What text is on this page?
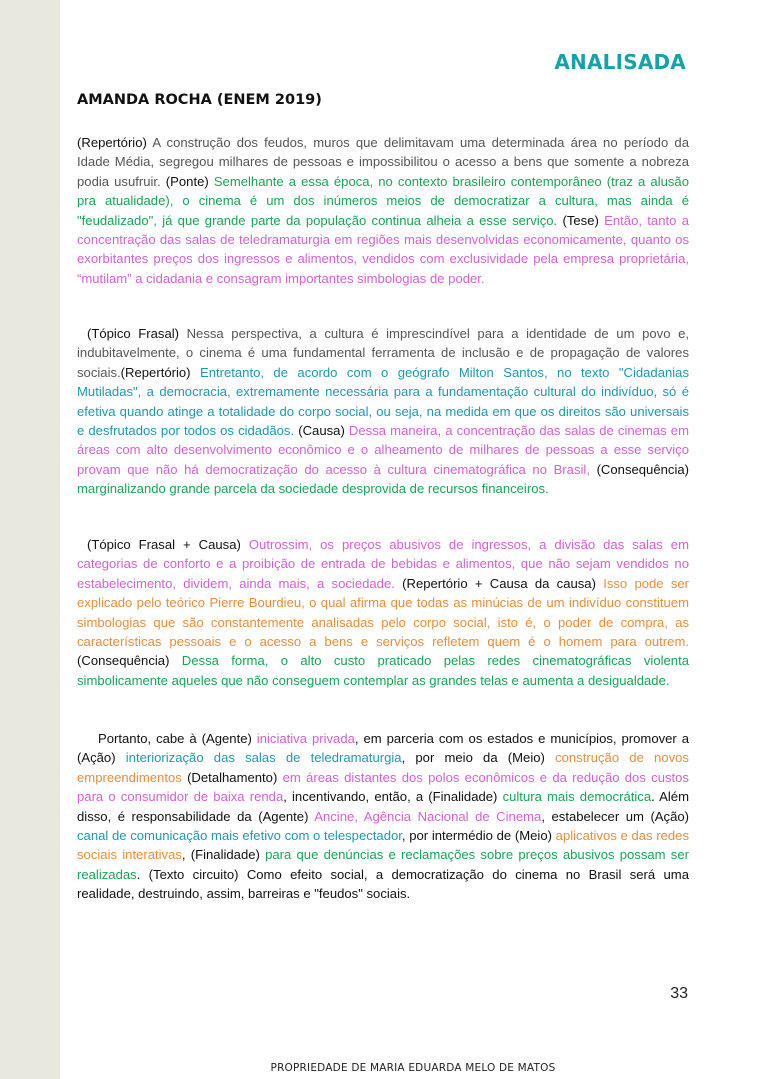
ANALISADA
AMANDA ROCHA (ENEM 2019)
(Repertório) A construção dos feudos, muros que delimitavam uma determinada área no período da Idade Média, segregou milhares de pessoas e impossibilitou o acesso a bens que somente a nobreza podia usufruir. (Ponte) Semelhante a essa época, no contexto brasileiro contemporâneo (traz a alusão pra atualidade), o cinema é um dos inúmeros meios de democratizar a cultura, mas ainda é "feudalizado", já que grande parte da população continua alheia a esse serviço. (Tese) Então, tanto a concentração das salas de teledramaturgia em regiões mais desenvolvidas economicamente, quanto os exorbitantes preços dos ingressos e alimentos, vendidos com exclusividade pela empresa proprietária, “mutilam” a cidadania e consagram importantes simbologias de poder.
(Tópico Frasal) Nessa perspectiva, a cultura é imprescindível para a identidade de um povo e, indubitavelmente, o cinema é uma fundamental ferramenta de inclusão e de propagação de valores sociais.(Repertório) Entretanto, de acordo com o geógrafo Milton Santos, no texto "Cidadanias Mutiladas", a democracia, extremamente necessária para a fundamentação cultural do indivíduo, só é efetiva quando atinge a totalidade do corpo social, ou seja, na medida em que os direitos são universais e desfrutados por todos os cidadãos. (Causa) Dessa maneira, a concentração das salas de cinemas em áreas com alto desenvolvimento econômico e o alheamento de milhares de pessoas a esse serviço provam que não há democratização do acesso à cultura cinematográfica no Brasil, (Consequência) marginalizando grande parcela da sociedade desprovida de recursos financeiros.
(Tópico Frasal + Causa) Outrossim, os preços abusivos de ingressos, a divisão das salas em categorias de conforto e a proibição de entrada de bebidas e alimentos, que não sejam vendidos no estabelecimento, dividem, ainda mais, a sociedade. (Repertório + Causa da causa) Isso pode ser explicado pelo teórico Pierre Bourdieu, o qual afirma que todas as minúcias de um indivíduo constituem simbologias que são constantemente analisadas pelo corpo social, isto é, o poder de compra, as características pessoais e o acesso a bens e serviços refletem quem é o homem para outrem. (Consequência) Dessa forma, o alto custo praticado pelas redes cinematográficas violenta simbolicamente aqueles que não conseguem contemplar as grandes telas e aumenta a desigualdade.
Portanto, cabe à (Agente) iniciativa privada, em parceria com os estados e municípios, promover a (Ação) interiorização das salas de teledramaturgia, por meio da (Meio) construção de novos empreendimentos (Detalhamento) em áreas distantes dos polos econômicos e da redução dos custos para o consumidor de baixa renda, incentivando, então, a (Finalidade) cultura mais democrática. Além disso, é responsabilidade da (Agente) Ancine, Agência Nacional de Cinema, estabelecer um (Ação) canal de comunicação mais efetivo com o telespectador, por intermédio de (Meio) aplicativos e das redes sociais interativas, (Finalidade) para que denúncias e reclamações sobre preços abusivos possam ser realizadas. (Texto circuito) Como efeito social, a democratização do cinema no Brasil será uma realidade, destruindo, assim, barreiras e "feudos" sociais.
33
PROPRIEDADE DE MARIA EDUARDA MELO DE MATOS
